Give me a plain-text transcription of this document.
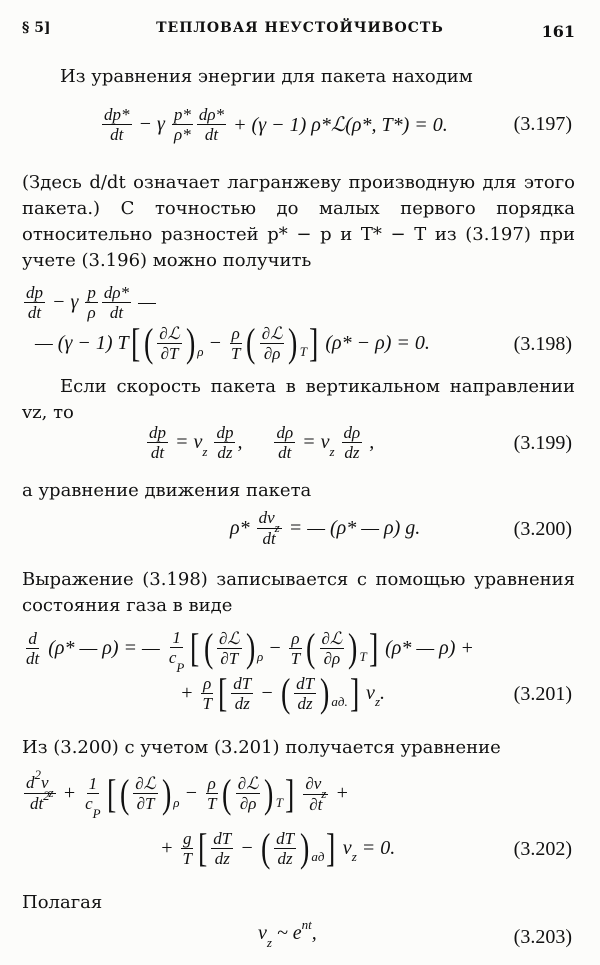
§ 5]	ТЕПЛОВАЯ НЕУСТОЙЧИВОСТЬ	161
Из уравнения энергии для пакета находим
$\frac{dp*}{dt} - \gamma \frac{p*}{\rho*} \frac{d\rho*}{dt} + (\gamma - 1)$ ρ*ℒ(ρ*, T*) = 0.	(3.197)
(Здесь d/dt означает лагранжеву производную для этого пакета.) С точностью до малых первого порядка относительно разностей p* − p и T* − T из (3.197) при учете (3.196) можно получить
$\frac{dp}{dt} - \gamma \frac{p}{\rho} \frac{d\rho*}{dt}$ —
— (γ − 1) T [ ( $\frac{\text{∂ℒ}}{\partial T}$ ) $\rho - \frac{\rho}{T}$ ( $\frac{\text{∂ℒ}}{\partial\rho}$ ) T ] (ρ* − ρ) = 0.	(3.198)
Если скорость пакета в вертикальном направлении vz, то
$\frac{dp}{dt} = v$ z
$\frac{dp}{dz}$ , $\frac{d\rho}{dt} = v$ z
$\frac{d\rho}{dz}$ ,	(3.199)
а уравнение движения пакета
$\rho* \frac{dv_z}{dt}$ = — (ρ* — ρ) g.	(3.200)
Выражение (3.198) записывается с помощью уравнения состояния газа в виде
$\frac{d}{dt} (\rho*$ — ρ) = — $\frac{1}{c_P}$ [ ( $\frac{\text{∂ℒ}}{\partial T}$ ) $\rho - \frac{\rho}{T}$ ( $\frac{\text{∂ℒ}}{\partial\rho}$ ) T ] (ρ* — ρ) +
+ $\frac{\rho}{T}$ [ $\frac{dT}{dz}$ − ( $\frac{dT}{dz}$ ) ад. ] v z .	(3.201)
Из (3.200) с учетом (3.201) получается уравнение
$\frac{d^2v_z}{dt^2} + \frac{1}{c_P}$ [ ( $\frac{\text{∂ℒ}}{\partial T}$ ) $\rho - \frac{\rho}{T}$ ( $\frac{\text{∂ℒ}}{\partial\rho}$ ) T ]
$\frac{\partial v_z}{\partial t}$ +
+ $\frac{g}{T}$ [ $\frac{dT}{dz}$ − ( $\frac{dT}{dz}$ ) ад ] v z = 0.	(3.202)
Полагая
v z ~ e nt ,	(3.203)
